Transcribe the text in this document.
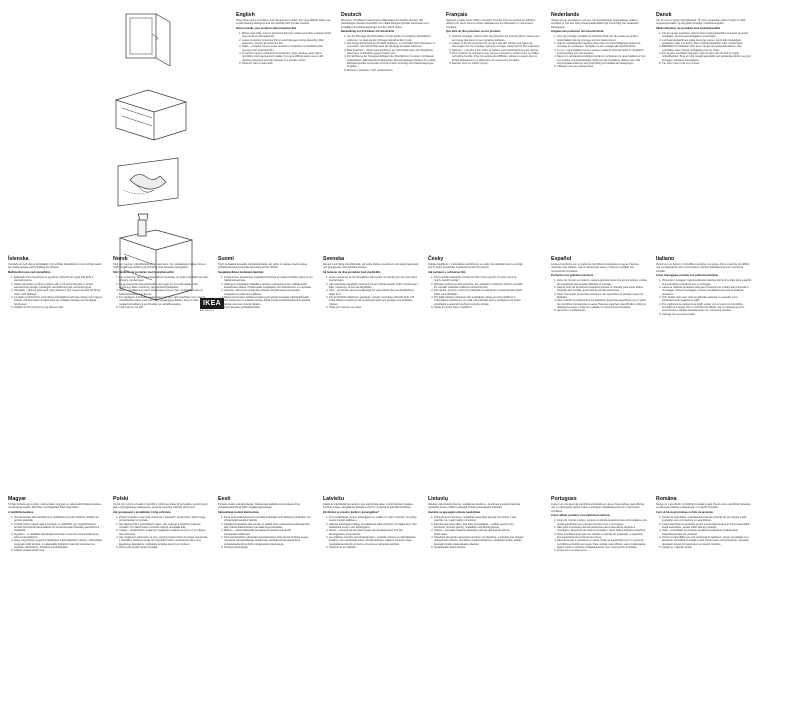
IKEA
AA-2151125-1
English

Wipe clean with a microfiber cloth dampened in water. For more difficult stains use a mild cleaning detergent and rub carefully with circular motions.

How to handle your products with protective film

1. Before assembly, remove protective film from edges and other surfaces which may interfere with assembly.
2. Leave remaining protective film to avoid damage during assembly. After assembly, remove all protective film.
3. Static – surfaces may be extra sensitive to scratches immediately after removing the protective film.
4. To further improve resistance to scratches, wipe surfaces clean with a microfiber cloth dampened in water. For more difficult stains use a mild cleaning detergent and rub carefully in a circular motion.
5. Wipe dry with a clean cloth.
Deutsch

Mit einem mit Wasser befeuchteten Mikrofasertuch sauber wischen. Bei hartnäckigen Flecken zusätzlich ein mildes Reinigungsmittel verwenden und sorgfältig mit Kreisbewegungen auf dem Fleck reiben.

Behandlung von Produkten mit Schutzfolie

1. Vor der Montage die Schutzfolie von der Kante und anderen Oberflächen entfernen, so dass sie der Montage überall entfernt sind.
2. Die übrige Schutzfolie am Produkt belassen, um Schäden beim Montieren zu vermeiden. Die Schutzfolie nach der Montage komplett entfernen.
3. Bitte beachten – direkt nach Entfernen der Schutzfolie kann die Oberfläche besonders empfindlich gegen Kratzer sein.
4. Zur Erhöhung der Tatsugsenfähigkeit die Oberflächen mit einem mit Wasser befeuchteten Mikrofasertuch abwischen. Bei hartnäckigen Flecken ein mildes Reinigungsmittel verwenden und den Fleck vorsichtig mit Kreisbewegungen anreiben.
5. Mit einem sauberen Tuch nachtrocknen.
Français

Nettoyez à l'aide d'une chiffon microfibre humide. Pour les taches les difficiles, utilisez une savon doux et frottez délicatement en effectuant un mouvement circulaire.

Que faire du film protecteur sur les produits.

1. Avant le montage, retirez le film de protection qui pourrait gêner, notamment au niveau des coins ou sur certaines surfaces.
2. Laisser le film de protection s'il ne gêne pas afin d'éviter tout risque de dommages lors du montage. Après le montage, retirez tout le film protecteur.
3. Attention : une fois le film retiré, la surface peut particulièrement les rayures.
4. Pour renforcer la résistance aux rayures, nettoyer la surface avec un chiffon microfibre humide. Pour les taches plus difficiles, utilisez un savon doux et frottez délicatement en effectuant un mouvement circulaire.
5. Essuyer avec un chiffon propre.
Nederlands

Vlekjes kun je verwijderen met een microvezeldoekje. Hardnekkige vlekken verwijder je met een mild schoonmaakmiddel wrijf voorzichtig met draaiende bewegingen.

Omgaan met producten met beschermfolie

1. Voor de montage verwijder de beschermfolie van de randen en andere oppervlakken die de montage kunnen belemmeren.
2. Laat de overblijvende beschermfolie zitten om beschadigingen tijdens de montage te voorkomen. Verwijder na de montage alle beschermfolie.
3. Let op - oppervlakken kunnen meteen nadat de beschermfolie is verwijderd extra gevoelig zijn voor krassen.
4. Neem om de krasbestendigheid verder te verbeteren de oppervlakken af met een vochtig microvezeldoekje. Wrijf voor de moeilijkere vlekken een mild schoonmaakmiddel en wrijf voorzichtig met draaiende bewegingen.
5. Afdrogen met een schone doek.
Dansk

Tør af med en fugtig mikrofiberklud. Til mere vanskelige pletter bruges et mildt rengøringsmiddel, og så gnider forsigtigt i cirkelbevægelser.

Sådan håndterer du produkter med beskyttelsesfilm

1. Før du samler produktet, skal du fjerne beskyttelsesfilm fra kanter og andre overflader, der kan besværliggøre monteringen.
2. Lad beskyttelsesfilmen sidde de øvrige steder, så du ikke beskadiger produktet under montering. Fjern al beskyttelsesfilm efter monteringen.
3. BEMÆRK! Umiddelbart efter at du har fjernet beskyttelsesfilmen, kan overfladen være særligt modtagelig over for ridser.
4. For at gøre overfladen stærkere, skal du tørre den af med en fugtig mikrofiberklud. Brug et mildt rengøringsmiddel ved vanskelige pletter, og gnid forsigtigt i cirkulære bevægelser.
5. Tør efter med en tør og ren klud.
Íslenska

Þurrkaðu af með rökum örtrefjaklút. Fyrir erfiðari blettabluti þú nota milt hreinsiefni og nudda varlega með hringlaga hreyfingum.

Meðhöndlun vara með varnarfilmu

1. Fjarlægðu filmuna af brúnum og öðrum yfirborði sem gæti haft áhrif á samsetninguna.
2. Hafðu varnarfilmu á öðrum stöðum eftir en til að forðast tjón á meðan samsetningu stendur. Fjarlægðu varnarfilmuna eftir samsetninguna.
3. Athugaðu - yfirborð gæti verið mjög viðkvæmt fyrir rispum rétt eftir að filman hefur verið fjarlægð.
4. Þurrkaðu af yfirborðinu með rökum örtrefjaklút til að bæta viðnám fyrir rispum. Notaðu milt hreinsiefni á erfiða bletti og nuddaðu varlega með hringlaga hreyfingum.
5. Strjúktu af yfir með þurrum og hreinum klút.
Norsk

Tørk rent med en mikrofiberklut fuktet med vann. For vanskeligere flekker bruk et mildt rengjøringsmiddel og gni forsiktig med sirkulære bevegelser.

Slik håndterer du produkter med beskyttelsesfilm

1. Før montering, fjern beskyttelsesfilmen fra kanter og andre overflater som kan forstyrre monteringen.
2. La gjenværende beskyttelsesfilm være igjen for å unngå skade under montering. Etter montering, fjern all beskyttelsesfilm.
3. Merk – overflater kan være ekstra følsomme for riper umiddelbart etter at beskyttelsesfilmen er fjernet.
4. For ytterligere å forbedre motstanden mot riper, tørk overflaten rene med en mikrofiberklut fuktet med vann. For vanskeligere flekker, bruk et mildt rengjøringsmiddel og gni forsiktig i en sirkelbevegelse.
5. Tørk med en ren klut.
Suomi

Pyyhi puhtaaksi kostealla mikrokuituliinalla. Jos tahra on vaikea, käytä mietoa puhdistusainetta ja hankaa varovasti pyörivin liikkein.

Suojakalvollisten tuotteiden käsittely

1. Poista ennen kokoamista suojakalvo kulmista ja muilta pinnoilta, joissa se voi häiritä kokoamista.
2. Jätä loput suojakalvot paikalleen tuotteen vahingoittumisen välttämiseksi kokoamisen aikana. Poista kaikki suojakalvot, kun kokoaminen on suoritettu.
3. Huomaa, että pinnat voivat olla erityisen herkkiä naarmuuntumaan suojakalvon poistamisen jälkeen.
4. Naarmuuntumisen ehkäisemiseksi pyyhi pinnat kostealla mikrokuituliinalla. Jos tuotteessa on vaikeita tahroja, käytä mietoa puhdistusainetta ja hankaa tahraa varovasti pyörivin liikkein.
5. Pyyhi kuivaksi puhtaalla liinalla.
Svenska

Rengör med fuktig mikrofiberduk, vid svåra fläckar använd ett milt rengöringsmedel och gnugga lätt med cirkulära rörelser.

Så hanterar du dina produkter med skyddsfilm

1. Innan montering, ta bort skyddsfilm från kanter och andra ytor som kan störa monteringen.
2. Låt resterande skyddsfilm sitta kvar för att undvika skador under monteringen. Efter montering, ta bort all skyddsfilm.
3. Obs – ytorna kan vara extra känsliga för repor direkt efter att skyddsfilmen tagits bort.
4. För att förbättra tåligheten ytterligare, rengör med fuktig mikrofiberduk. Vid svåra fläckar använd ett milt rengöringsmedel och gnugga med cirkulära rörelser.
5. Torka torrt med en ren trasa.
Česky

Otírejte hadříkem z mikrovlákna navlhčeným ve vodě. Na odolnější skvrny použijte jemný čisticí prostředek a opatrně krouživými pohyby.

Jak zacházet s ochrannou fólií

1. Před montáží odstraňte ochrannou fólii z hran a jiných povrchů, které by mohly narušit montáž.
2. Zbývající ochrannou fólii ponechte, aby nedošlo k poškození během montáže. Po montáži odstraňte veškerou ochrannou fólii.
3. Poznámka: povrchy mohou být okamžitě po odstranění ochranné fólie zvlášť citlivé na poškrábání.
4. Pro další zlepšení odolnosti vůči poškrábání otřete povrchy hadříkem z mikrovlákna navlhčeným ve vodě. Na odolnější skvrny použijte jemný čisticí prostředek a opatrně krouživými pohyby otírejte.
5. Utřete do sucha čistým hadříkem.
Español

Limpia el producto con un paño de microfibra humedecido en agua. Para las manchas más difíciles, usa un detergente suave y frota con cuidado con movimientos circulares.

Productos con película protectora

1. Antes de montar el producto, quita la película protectora de los bordes y todas las superficies que puedan dificultar el montaje.
2. Deja el resto de la película protectora durante el montaje para evitar daños. Después del montaje, quita toda la película protectora.
3. Nota: Tras quitar la película protectora, las superficies se pueden rayar con facilidad.
4. Para mejorar la resistencia a los arañazos, limpia las superficies con un paño de microfibra humedecido en agua. Para las manchas más difíciles, utiliza un detergente suave y frota con cuidado en movimientos circulares.
5. Seca con un paño limpio.
Italiano

Pulisci con un panno in microfibra inumidito con acqua. Per le macchie più difficili, usa un detergente poco concentrato e strofina delicatamente con movimenti circolari.

Come maneggiare prodotti con pellicola protettiva

1. Prima del montaggio, togli la pellicola protettiva dai bordi e dalle altre superfici che potrebbero interferire con il montaggio.
2. Lascia la pellicola protettiva sulle parti rimanenti per evitare danni durante il montaggio. Dopo il montaggio, rimuovi completamente tutta la pellicola protettiva.
3. N.B. Subito dopo aver tolto la pellicola protettiva, le superfici sono particolarmente soggette a graffi.
4. Per migliorare la resistenza ai graffi, pulisci con un panno di microfibra inumidito con acqua. Per le macchie più difficili, usa un detergente poco concentrato e strofina delicatamente con movimenti circolari.
5. Asciuga con un panno pulito.
Magyar

Törölje tisztára egy enyhén, mikroszálas ronggyal, a makacsabb foltokat kevéssé mosószerrel óvatos, körkörös mozdulatokkal lehet eltávolítani.

A védőfólia kezelése

1. Összeszerelés előtt távolítsd el a védőfóliát a termék széleiről, felületei és gondor akadnak.
2. A többi részen hagyd rajta a terméken a védőfóliát, így megelőzheted a termék felszínének károsodását. Az összeszerelést követően távolítsd el a védőfóliát.
3. Figyelem – a védőfólia eltávolítását követően a termék extra érzékenység lehet a karcolásokra.
4. Hogy még jobban megóvd a felületeket a karcolásoktól, nedves, mikroszálas ronggyal töröld tisztára. A makacsabb foltokhoz használj mosószert és óvatosan dörzsöld be, körkörös mozdulatokkal.
5. Száraz ruhával töröld meg.
Polski

Czyść przy użyciu szmatki z mikrofibry zwilżonej wodą. W przypadku uporczywych plam użyj łagodnego detergentu i pocieraj ostrożnie ruchami okrężnymi.

Jak postępować z produktami z folią ochronną

1. Przed montażem usuń folię ochronną z krawędzi i powierzchni, które mogą przeszkadzać w montażu.
2. Nie zdejmuj folii z pozostałych miejsc, aby uniknąć uszkodzeń podczas montażu. Po zakończeniu montażu zdejmij pozostałą folię.
3. Uwaga – powierzchnie mogą być wyjątkowo podatne na rysy tuż po zdjęciu folii ochronnej.
4. Aby zwiększyć odporność na rysy, wytrzyj powierzchnie do czysta ściereczką z mikrofibry zwilżoną wodą. W przypadku trudno usuwalnych plam użyj łagodnego detergentu i delikatnie pocieraj okrężnymi ruchami.
5. Wytrzyj do sucha czystą szmatką.
Eesti

Puhasta niiske mikrokiudlapiga. Raskemate plekkide korral kasuta õrna puhastusvahendit ja hõõru ringjate liigutustega.

Kaitsekilega toodete käsitsemine

1. Enne toote kokkupanemist eemalda kaitsekile toote äärtelt ja pindadelt, mis võivad kokkupanekut häirida.
2. Ülejäänud kaitsekile jäta esmalt, et vältida toote kahjustamist kokkupaneku ajal. Pärast kokkupanekut eemalda kogu kaitsekile.
3. Märkus – pärast kaitsekile eemaldamist võivad pinnad olla kriimustustundlikumad.
4. Kriimustuskindluse edasiseks parandamiseks pühi pinnad puhtaks veega niisutatud mikrokiudlapiga. Raskemate plekkide korral kasuta õrna puhastusvahendit ja hõõru ringikujuliste liigutustega.
5. Kuivata puhta lapiga.
Latviešu

Slauki ar mikrošķiedras lupatiņu, kas samitrināta ūdenī. Grūti tīrāmiem traipiem izmanto maigu mazgāšanas līdzekli un berzē uzmanīgi ar apļveida kustībām.

Kā rīkoties ar precēm, kurām ir aizsargplēve?

1. Pirms salikšanas noņem aizsargplēvi no malām un citām virsmām, kur plēve varētu traucēt salikšanu.
2. Atlikušo aizsargplēvi atstāj, lai salikšanas laikā izvairītos no bojājumiem. Pēc salikšanas noņem visu aizsargplēvi.
3. Ievēro – virsmas var būt īpaši jutīgas pret skrāpējumiem tūlīt pēc aizsargplēves noņemšanas.
4. Lai uzlabotu noturību pret skrāpējumiem, noslauki virsmas ar mikrošķiedras lupatiņu, kas samitrināta ūdenī. Grūtāk tīrāmiem traipiem izmanto maigu mazgāšanas līdzekli un berzē uzmanīgi ar apļveida kustībām.
5. Nosusini ar tīru drāniņu.
Lietuvių

Valykite mikropluošto šluoste, sudrėkinta vandeniu. Jei dėmės sunkiai išvalomos, naudokite švelnų valiklį ir atsargiai trinkite sukamaisiais judesiais.

Gaminių su apsaugine plėvele naudojimas

1. Prieš gaminio surinkimą, nuplėškite apsauginę plėvelę nuo kraštų ir kitų paviršių, kur ji gali trukdyti surinkimui.
2. Kad išvengtumėte žalos, kitų dalių nenuplėškite – palikite gaminį kol jį surinksite. Surinkę gaminį, nuplėškite visą likusią plėvelę.
3. Svarbu – paviršiai nuplėšus apsauginę plėvelę gali būti itin jautrūs įbrėžimams.
4. Norėdami dar geriau apsaugoti paviršius nuo įbrėžimų, nuvalykite juos drėgna mikropluošto šluoste. Jei dėmės sunkiai išvalomos, naudokite švelnų valiklį ir atsargiai trinkite sukamaisiais judesiais.
5. Nusausinkite švaria šluoste.
Portugues

Limpe com um pano de microfibra embebido em água. Para nódoas mais difíceis use um detergente ligeiro suave e esfregue cuidadosamente em movimentos circulares.

Como utilizar produtos com película protectora

1. Antes de montar o artigo, remova a película protectora das extremidades e de outras superfícies que possam interferir com a montagem.
2. Não retire a restante película protectora para evitar danos durante a montagem. Depois de terminar a montagem, retire toda a película protectora.
3. Nota: imediatamente após ter retirado a película de protecção, a superfície fica especialmente sensível aos riscos.
4. Para aumentar a resistência a riscos, limpe as superfícies com um pano de microfibra embebido em água. Para nódoas mais difíceis, use um detergente ligeiro suave e esfregue cuidadosamente com movimentos circulares.
5. Limpe com um pano seco.
Româna

Șterge cu o lavetă din microfibră înmuiată în apă. Pentru pete mai dificile folosește un detergent delicat și freacă ușor cu mișcări circulare.

Cum să folosești produse cu folie de protecție

1. Înainte de asamblare, îndepărtează folia de protecție de pe margini și alte suprafețe care pot interfera cu asamblarea.
2. Lasă restul foliei de protecție pentru a evita deteriorarea în timpul asamblării. După asamblare, scoate toată folia de protecție.
3. Notă – suprafețele pot fi foarte sensibile la zgârieturi imediat după îndepărtarea foliei de protecție.
4. Pentru a îmbunătăți mai mult rezistența la zgârieturi, șterge suprafețele cu o lavetă din microfibră înmuiată în apă. Pentru pete mai persistente, folosește detergent delicat și freacă ușor cu mișcări circulare.
5. Șterge cu o lavetă uscată.
